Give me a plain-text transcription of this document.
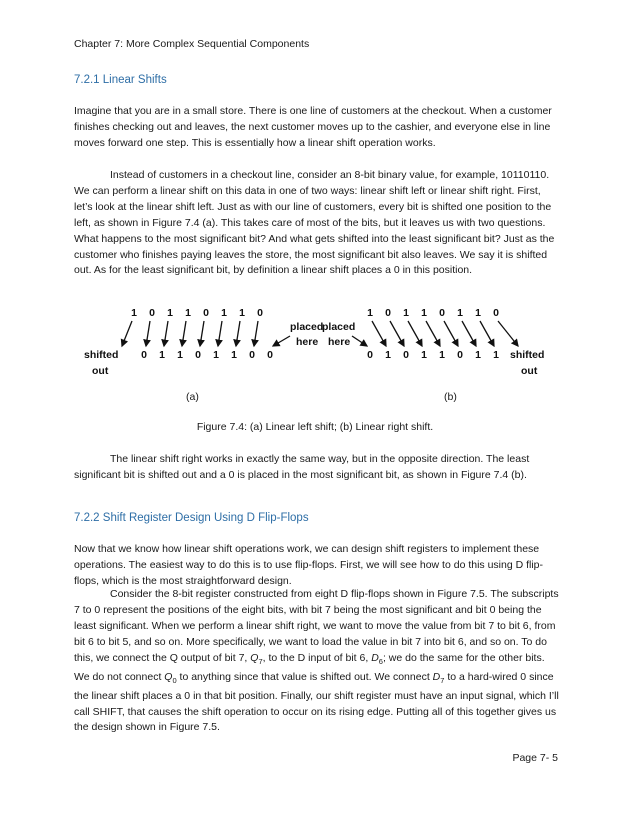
Chapter 7: More Complex Sequential Components
7.2.1 Linear Shifts

Imagine that you are in a small store. There is one line of customers at the checkout. When a customer finishes checking out and leaves, the next customer moves up to the cashier, and everyone else in line moves forward one step. This is essentially how a linear shift operation works.

Instead of customers in a checkout line, consider an 8-bit binary value, for example, 10110110. We can perform a linear shift on this data in one of two ways: linear shift left or linear shift right. First, let’s look at the linear shift left. Just as with our line of customers, every bit is shifted one position to the left, as shown in Figure 7.4 (a). This takes care of most of the bits, but it leaves us with two questions. What happens to the most significant bit? And what gets shifted into the least significant bit? Just as the customer who finishes paying leaves the store, the most significant bit also leaves. We say it is shifted out. As for the least significant bit, by definition a linear shift places a 0 in this position.

1 0 1 1 0 1 1 0
0 1 1 0 1 1 0 0
placed
here
shifted
out
1 0 1 1 0 1 1 0
0 1 0 1 1 0 1 1
placed
here
shifted
out
(a)	(b)
Figure 7.4: (a) Linear left shift; (b) Linear right shift.

The linear shift right works in exactly the same way, but in the opposite direction. The least significant bit is shifted out and a 0 is placed in the most significant bit, as shown in Figure 7.4 (b).

7.2.2 Shift Register Design Using D Flip-Flops

Now that we know how linear shift operations work, we can design shift registers to implement these operations. The easiest way to do this is to use flip-flops. First, we will see how to do this using D flip-flops, which is the most straightforward design.

Consider the 8-bit register constructed from eight D flip-flops shown in Figure 7.5. The subscripts 7 to 0 represent the positions of the eight bits, with bit 7 being the most significant and bit 0 being the least significant. When we perform a linear shift right, we want to move the value from bit 7 to bit 6, from bit 6 to bit 5, and so on. More specifically, we want to load the value in bit 7 into bit 6, and so on. To do this, we connect the Q output of bit 7, $Q_7$, to the D input of bit 6, $D_6$; we do the same for the other bits. We do not connect $Q_0$ to anything since that value is shifted out. We connect $D_7$ to a hard-wired 0 since the linear shift places a 0 in that bit position. Finally, our shift register must have an input signal, which I’ll call SHIFT, that causes the shift operation to occur on its rising edge. Putting all of this together gives us the design shown in Figure 7.5.

Page 7- 5
